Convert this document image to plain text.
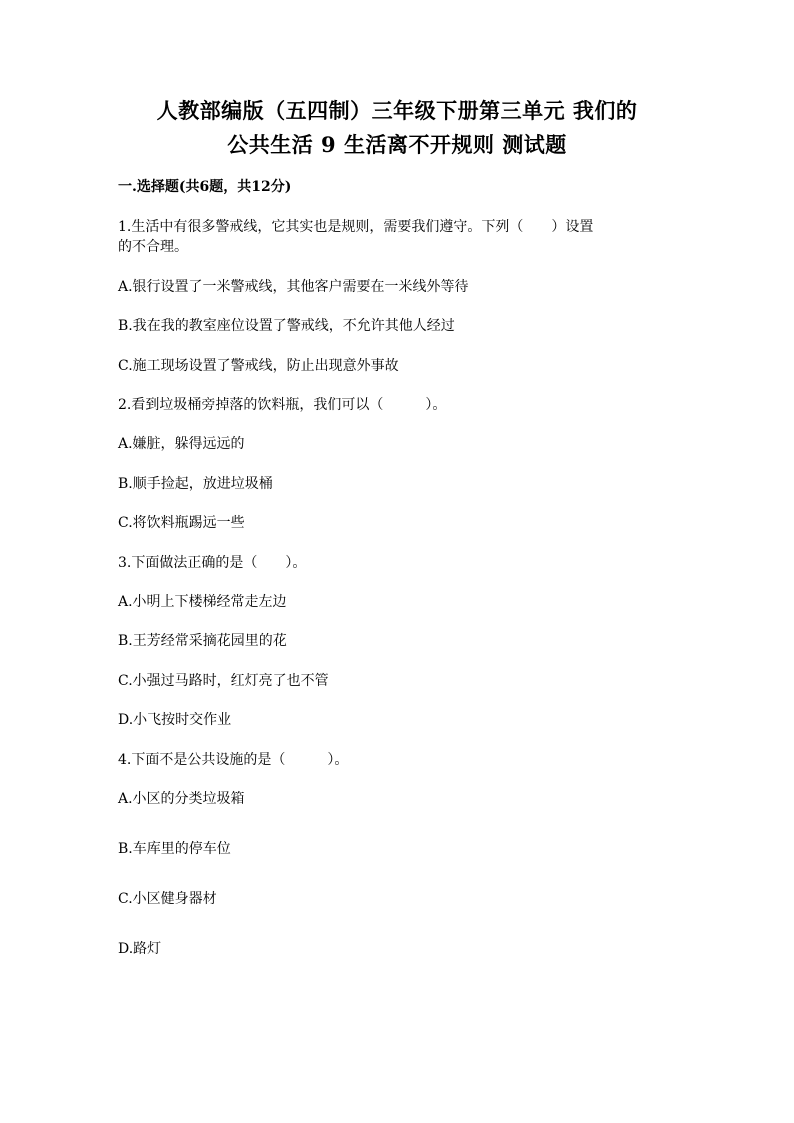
人教部编版（五四制）三年级下册第三单元 我们的
公共生活 9 生活离不开规则 测试题
一.选择题(共6题，共12分)
1.生活中有很多警戒线，它其实也是规则，需要我们遵守。下列（　　）设置
的不合理。
A.银行设置了一米警戒线，其他客户需要在一米线外等待
B.我在我的教室座位设置了警戒线，不允许其他人经过
C.施工现场设置了警戒线，防止出现意外事故
2.看到垃圾桶旁掉落的饮料瓶，我们可以（　　　）。
A.嫌脏，躲得远远的
B.顺手捡起，放进垃圾桶
C.将饮料瓶踢远一些
3.下面做法正确的是（　　）。
A.小明上下楼梯经常走左边
B.王芳经常采摘花园里的花
C.小强过马路时，红灯亮了也不管
D.小飞按时交作业
4.下面不是公共设施的是（　　　）。
A.小区的分类垃圾箱
B.车库里的停车位
C.小区健身器材
D.路灯
